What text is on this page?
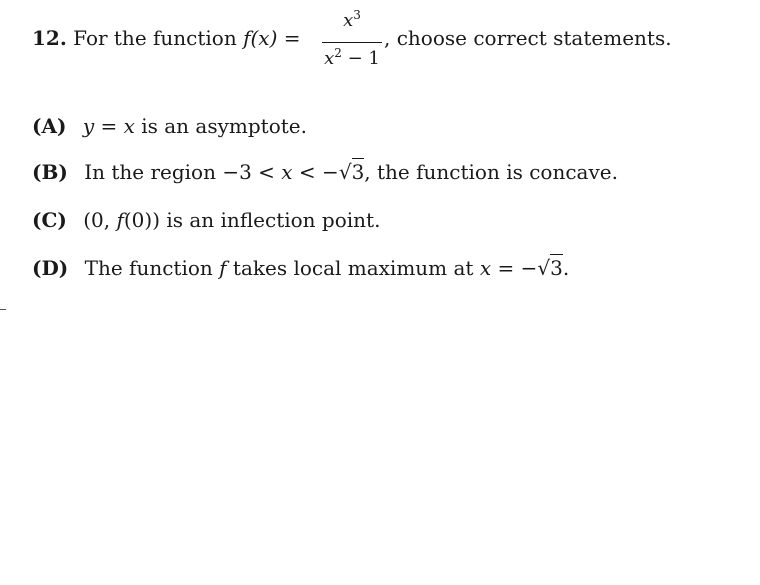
12. For the function f(x) =
$x^3$
$x^2 - 1$
, choose correct statements.
(A) y = x is an asymptote.
(B) In the region −3 < x < −√3, the function is concave.
(C) (0, f(0)) is an inflection point.
(D) The function f takes local maximum at x = −√3.
